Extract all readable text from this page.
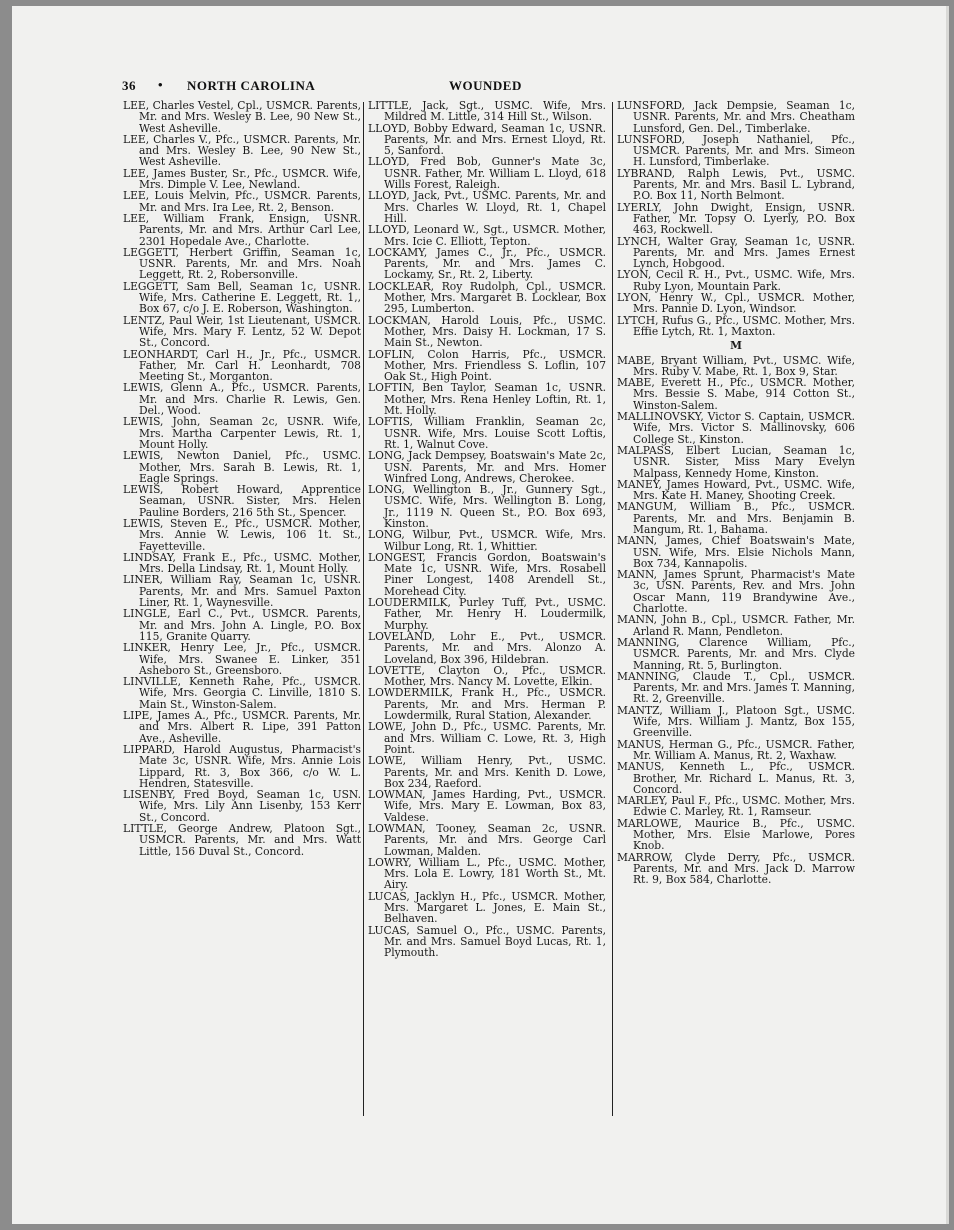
36 • NORTH CAROLINA	WOUNDED

LEE, Charles Vestel, Cpl., USMCR. Parents, Mr. and Mrs. Wesley B. Lee, 90 New St., West Asheville.

LEE, Charles V., Pfc., USMCR. Parents, Mr. and Mrs. Wesley B. Lee, 90 New St., West Asheville.

LEE, James Buster, Sr., Pfc., USMCR. Wife, Mrs. Dimple V. Lee, Newland.

LEE, Louis Melvin, Pfc., USMCR. Parents, Mr. and Mrs. Ira Lee, Rt. 2, Benson.

LEE, William Frank, Ensign, USNR. Parents, Mr. and Mrs. Arthur Carl Lee, 2301 Hopedale Ave., Charlotte.

LEGGETT, Herbert Griffin, Seaman 1c, USNR. Parents, Mr. and Mrs. Noah Leggett, Rt. 2, Robersonville.

LEGGETT, Sam Bell, Seaman 1c, USNR. Wife, Mrs. Catherine E. Leggett, Rt. 1,, Box 67, c/o J. E. Roberson, Washington.

LENTZ, Paul Weir, 1st Lieutenant, USMCR. Wife, Mrs. Mary F. Lentz, 52 W. Depot St., Concord.

LEONHARDT, Carl H., Jr., Pfc., USMCR. Father, Mr. Carl H. Leonhardt, 708 Meeting St., Morganton.

LEWIS, Glenn A., Pfc., USMCR. Parents, Mr. and Mrs. Charlie R. Lewis, Gen. Del., Wood.

LEWIS, John, Seaman 2c, USNR. Wife, Mrs. Martha Carpenter Lewis, Rt. 1, Mount Holly.

LEWIS, Newton Daniel, Pfc., USMC. Mother, Mrs. Sarah B. Lewis, Rt. 1, Eagle Springs.

LEWIS, Robert Howard, Apprentice Seaman, USNR. Sister, Mrs. Helen Pauline Borders, 216 5th St., Spencer.

LEWIS, Steven E., Pfc., USMCR. Mother, Mrs. Annie W. Lewis, 106 1t. St., Fayetteville.

LINDSAY, Frank E., Pfc., USMC. Mother, Mrs. Della Lindsay, Rt. 1, Mount Holly.

LINER, William Ray, Seaman 1c, USNR. Parents, Mr. and Mrs. Samuel Paxton Liner, Rt. 1, Waynesville.

LINGLE, Earl C., Pvt., USMCR. Parents, Mr. and Mrs. John A. Lingle, P.O. Box 115, Granite Quarry.

LINKER, Henry Lee, Jr., Pfc., USMCR. Wife, Mrs. Swanee E. Linker, 351 Asheboro St., Greensboro.

LINVILLE, Kenneth Rahe, Pfc., USMCR. Wife, Mrs. Georgia C. Linville, 1810 S. Main St., Winston-Salem.

LIPE, James A., Pfc., USMCR. Parents, Mr. and Mrs. Albert R. Lipe, 391 Patton Ave., Asheville.

LIPPARD, Harold Augustus, Pharmacist's Mate 3c, USNR. Wife, Mrs. Annie Lois Lippard, Rt. 3, Box 366, c/o W. L. Hendren, Statesville.

LISENBY, Fred Boyd, Seaman 1c, USN. Wife, Mrs. Lily Ann Lisenby, 153 Kerr St., Concord.

LITTLE, George Andrew, Platoon Sgt., USMCR. Parents, Mr. and Mrs. Watt Little, 156 Duval St., Concord.

LITTLE, Jack, Sgt., USMC. Wife, Mrs. Mildred M. Little, 314 Hill St., Wilson.

LLOYD, Bobby Edward, Seaman 1c, USNR. Parents, Mr. and Mrs. Ernest Lloyd, Rt. 5, Sanford.

LLOYD, Fred Bob, Gunner's Mate 3c, USNR. Father, Mr. William L. Lloyd, 618 Wills Forest, Raleigh.

LLOYD, Jack, Pvt., USMC. Parents, Mr. and Mrs. Charles W. Lloyd, Rt. 1, Chapel Hill.

LLOYD, Leonard W., Sgt., USMCR. Mother, Mrs. Icie C. Elliott, Tepton.

LOCKAMY, James C., Jr., Pfc., USMCR. Parents, Mr. and Mrs. James C. Lockamy, Sr., Rt. 2, Liberty.

LOCKLEAR, Roy Rudolph, Cpl., USMCR. Mother, Mrs. Margaret B. Locklear, Box 295, Lumberton.

LOCKMAN, Harold Louis, Pfc., USMC. Mother, Mrs. Daisy H. Lockman, 17 S. Main St., Newton.

LOFLIN, Colon Harris, Pfc., USMCR. Mother, Mrs. Friendless S. Loflin, 107 Oak St., High Point.

LOFTIN, Ben Taylor, Seaman 1c, USNR. Mother, Mrs. Rena Henley Loftin, Rt. 1, Mt. Holly.

LOFTIS, William Franklin, Seaman 2c, USNR. Wife, Mrs. Louise Scott Loftis, Rt. 1, Walnut Cove.

LONG, Jack Dempsey, Boatswain's Mate 2c, USN. Parents, Mr. and Mrs. Homer Winfred Long, Andrews, Cherokee.

LONG, Wellington B., Jr., Gunnery Sgt., USMC. Wife, Mrs. Wellington B. Long, Jr., 1119 N. Queen St., P.O. Box 693, Kinston.

LONG, Wilbur, Pvt., USMCR. Wife, Mrs. Wilbur Long, Rt. 1, Whittier.

LONGEST, Francis Gordon, Boatswain's Mate 1c, USNR. Wife, Mrs. Rosabell Piner Longest, 1408 Arendell St., Morehead City.

LOUDERMILK, Purley Tuff, Pvt., USMC. Father, Mr. Henry H. Loudermilk, Murphy.

LOVELAND, Lohr E., Pvt., USMCR. Parents, Mr. and Mrs. Alonzo A. Loveland, Box 396, Hildebran.

LOVETTE, Clayton O., Pfc., USMCR. Mother, Mrs. Nancy M. Lovette, Elkin.

LOWDERMILK, Frank H., Pfc., USMCR. Parents, Mr. and Mrs. Herman P. Lowdermilk, Rural Station, Alexander.

LOWE, John D., Pfc., USMC. Parents, Mr. and Mrs. William C. Lowe, Rt. 3, High Point.

LOWE, William Henry, Pvt., USMC. Parents, Mr. and Mrs. Kenith D. Lowe, Box 234, Raeford.

LOWMAN, James Harding, Pvt., USMCR. Wife, Mrs. Mary E. Lowman, Box 83, Valdese.

LOWMAN, Tooney, Seaman 2c, USNR. Parents, Mr. and Mrs. George Carl Lowman, Malden.

LOWRY, William L., Pfc., USMC. Mother, Mrs. Lola E. Lowry, 181 Worth St., Mt. Airy.

LUCAS, Jacklyn H., Pfc., USMCR. Mother, Mrs. Margaret L. Jones, E. Main St., Belhaven.

LUCAS, Samuel O., Pfc., USMC. Parents, Mr. and Mrs. Samuel Boyd Lucas, Rt. 1, Plymouth.

LUNSFORD, Jack Dempsie, Seaman 1c, USNR. Parents, Mr. and Mrs. Cheatham Lunsford, Gen. Del., Timberlake.

LUNSFORD, Joseph Nathaniel, Pfc., USMCR. Parents, Mr. and Mrs. Simeon H. Lunsford, Timberlake.

LYBRAND, Ralph Lewis, Pvt., USMC. Parents, Mr. and Mrs. Basil L. Lybrand, P.O. Box 11, North Belmont.

LYERLY, John Dwight, Ensign, USNR. Father, Mr. Topsy O. Lyerly, P.O. Box 463, Rockwell.

LYNCH, Walter Gray, Seaman 1c, USNR. Parents, Mr. and Mrs. James Ernest Lynch, Hobgood.

LYON, Cecil R. H., Pvt., USMC. Wife, Mrs. Ruby Lyon, Mountain Park.

LYON, Henry W., Cpl., USMCR. Mother, Mrs. Pannie D. Lyon, Windsor.

LYTCH, Rufus G., Pfc., USMC. Mother, Mrs. Effie Lytch, Rt. 1, Maxton.

M

MABE, Bryant William, Pvt., USMC. Wife, Mrs. Ruby V. Mabe, Rt. 1, Box 9, Star.

MABE, Everett H., Pfc., USMCR. Mother, Mrs. Bessie S. Mabe, 914 Cotton St., Winston-Salem.

MALLINOVSKY, Victor S. Captain, USMCR. Wife, Mrs. Victor S. Mallinovsky, 606 College St., Kinston.

MALPASS, Elbert Lucian, Seaman 1c, USNR. Sister, Miss Mary Evelyn Malpass, Kennedy Home, Kinston.

MANEY, James Howard, Pvt., USMC. Wife, Mrs. Kate H. Maney, Shooting Creek.

MANGUM, William B., Pfc., USMCR. Parents, Mr. and Mrs. Benjamin B. Mangum, Rt. 1, Bahama.

MANN, James, Chief Boatswain's Mate, USN. Wife, Mrs. Elsie Nichols Mann, Box 734, Kannapolis.

MANN, James Sprunt, Pharmacist's Mate 3c, USN. Parents, Rev. and Mrs. John Oscar Mann, 119 Brandywine Ave., Charlotte.

MANN, John B., Cpl., USMCR. Father, Mr. Arland R. Mann, Pendleton.

MANNING, Clarence William, Pfc., USMCR. Parents, Mr. and Mrs. Clyde Manning, Rt. 5, Burlington.

MANNING, Claude T., Cpl., USMCR. Parents, Mr. and Mrs. James T. Manning, Rt. 2, Greenville.

MANTZ, William J., Platoon Sgt., USMC. Wife, Mrs. William J. Mantz, Box 155, Greenville.

MANUS, Herman G., Pfc., USMCR. Father, Mr. William A. Manus, Rt. 2, Waxhaw.

MANUS, Kenneth L., Pfc., USMCR. Brother, Mr. Richard L. Manus, Rt. 3, Concord.

MARLEY, Paul F., Pfc., USMC. Mother, Mrs. Edwie C. Marley, Rt. 1, Ramseur.

MARLOWE, Maurice B., Pfc., USMC. Mother, Mrs. Elsie Marlowe, Pores Knob.

MARROW, Clyde Derry, Pfc., USMCR. Parents, Mr. and Mrs. Jack D. Marrow Rt. 9, Box 584, Charlotte.
